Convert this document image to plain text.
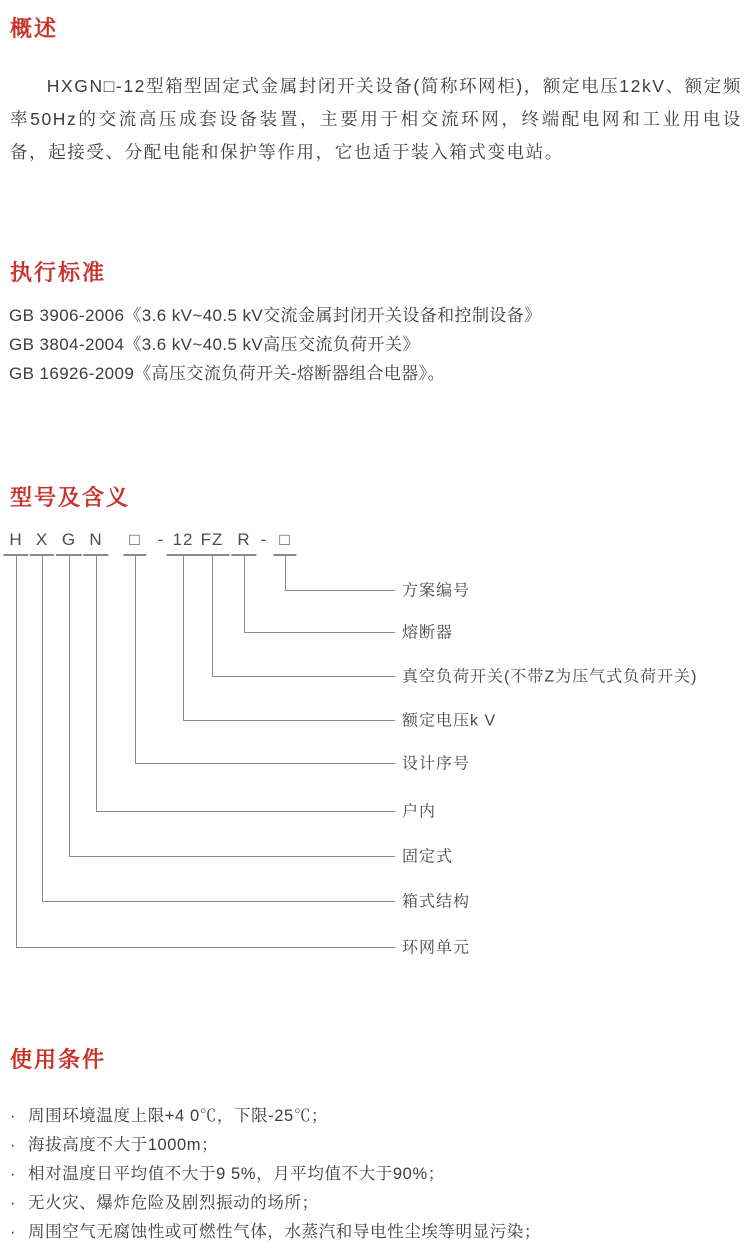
概述
HXGN□-12型箱型固定式金属封闭开关设备(简称环网柜)，额定电压12kV、额定频率50Hz的交流高压成套设备装置，主要用于相交流环网，终端配电网和工业用电设备，起接受、分配电能和保护等作用，它也适于装入箱式变电站。
执行标准
GB 3906-2006《3.6 kV~40.5 kV交流金属封闭开关设备和控制设备》
GB 3804-2004《3.6 kV~40.5 kV高压交流负荷开关》
GB 16926-2009《高压交流负荷开关-熔断器组合电器》。
型号及含义
H
环网单元
X
箱式结构
G
固定式
N
户内
□
设计序号
- 12
额定电压k V
FZ
真空负荷开关(不带Z为压气式负荷开关)
R
熔断器
- □
方案编号
使用条件
· 周围环境温度上限+4 0℃，下限-25℃；
· 海拔高度不大于1000m；
· 相对温度日平均值不大于9 5%，月平均值不大于90%；
· 无火灾、爆炸危险及剧烈振动的场所；
· 周围空气无腐蚀性或可燃性气体，水蒸汽和导电性尘埃等明显污染；
